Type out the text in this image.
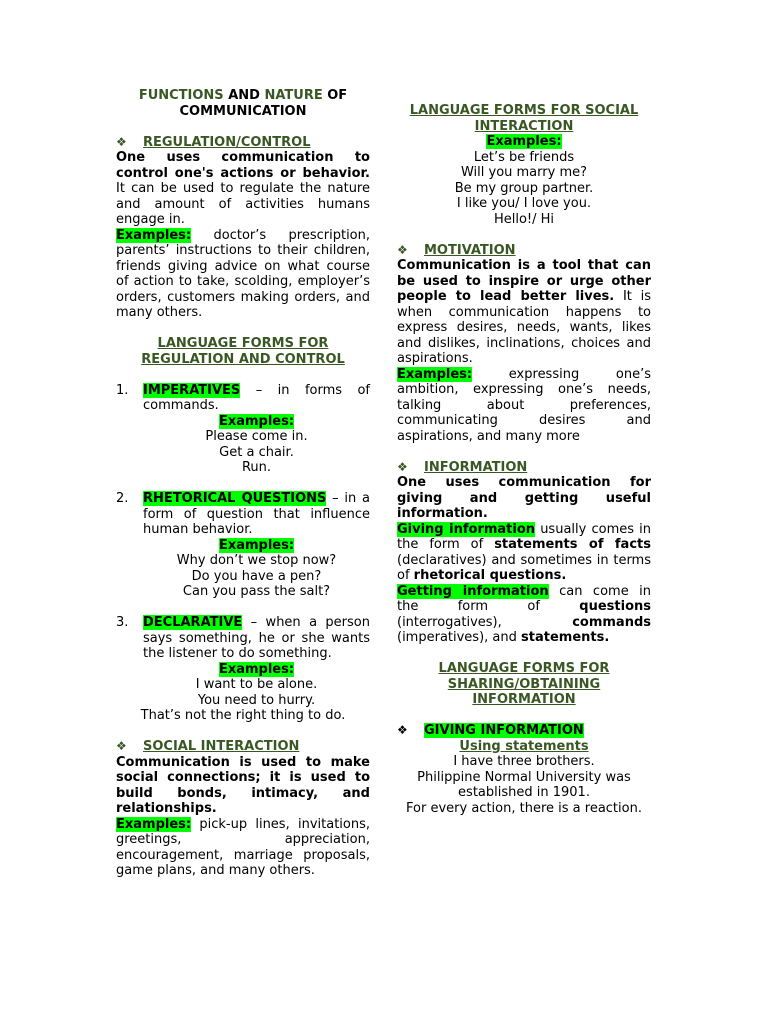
FUNCTIONS AND NATURE OF
COMMUNICATION

❖ REGULATION/CONTROL

One uses communication to control one's actions or behavior. It can be used to regulate the nature and amount of activities humans engage in.

Examples: doctor’s prescription, parents’ instructions to their children, friends giving advice on what course of action to take, scolding, employer’s orders, customers making orders, and many others.

LANGUAGE FORMS FOR
REGULATION AND CONTROL

1. IMPERATIVES – in forms of commands.

Examples:

Please come in.

Get a chair.

Run.

2. RHETORICAL QUESTIONS – in a form of question that influence human behavior.

Examples:

Why don’t we stop now?

Do you have a pen?

Can you pass the salt?

3. DECLARATIVE – when a person says something, he or she wants the listener to do something.

Examples:

I want to be alone.

You need to hurry.

That’s not the right thing to do.

❖ SOCIAL INTERACTION

Communication is used to make social connections; it is used to build bonds, intimacy, and relationships.

Examples: pick-up lines, invitations, greetings, appreciation, encouragement, marriage proposals, game plans, and many others.

LANGUAGE FORMS FOR SOCIAL
INTERACTION

Examples:

Let’s be friends

Will you marry me?

Be my group partner.

I like you/ I love you.

Hello!/ Hi

❖ MOTIVATION

Communication is a tool that can be used to inspire or urge other people to lead better lives. It is when communication happens to express desires, needs, wants, likes and dislikes, inclinations, choices and aspirations.

Examples: expressing one’s ambition, expressing one’s needs, talking about preferences, communicating desires and aspirations, and many more

❖ INFORMATION

One uses communication for giving and getting useful information.

Giving information usually comes in the form of statements of facts (declaratives) and sometimes in terms of rhetorical questions.

Getting information can come in the form of questions (interrogatives), commands (imperatives), and statements.

LANGUAGE FORMS FOR
SHARING/OBTAINING
INFORMATION

❖ GIVING INFORMATION

Using statements

I have three brothers.

Philippine Normal University was established in 1901.

For every action, there is a reaction.
